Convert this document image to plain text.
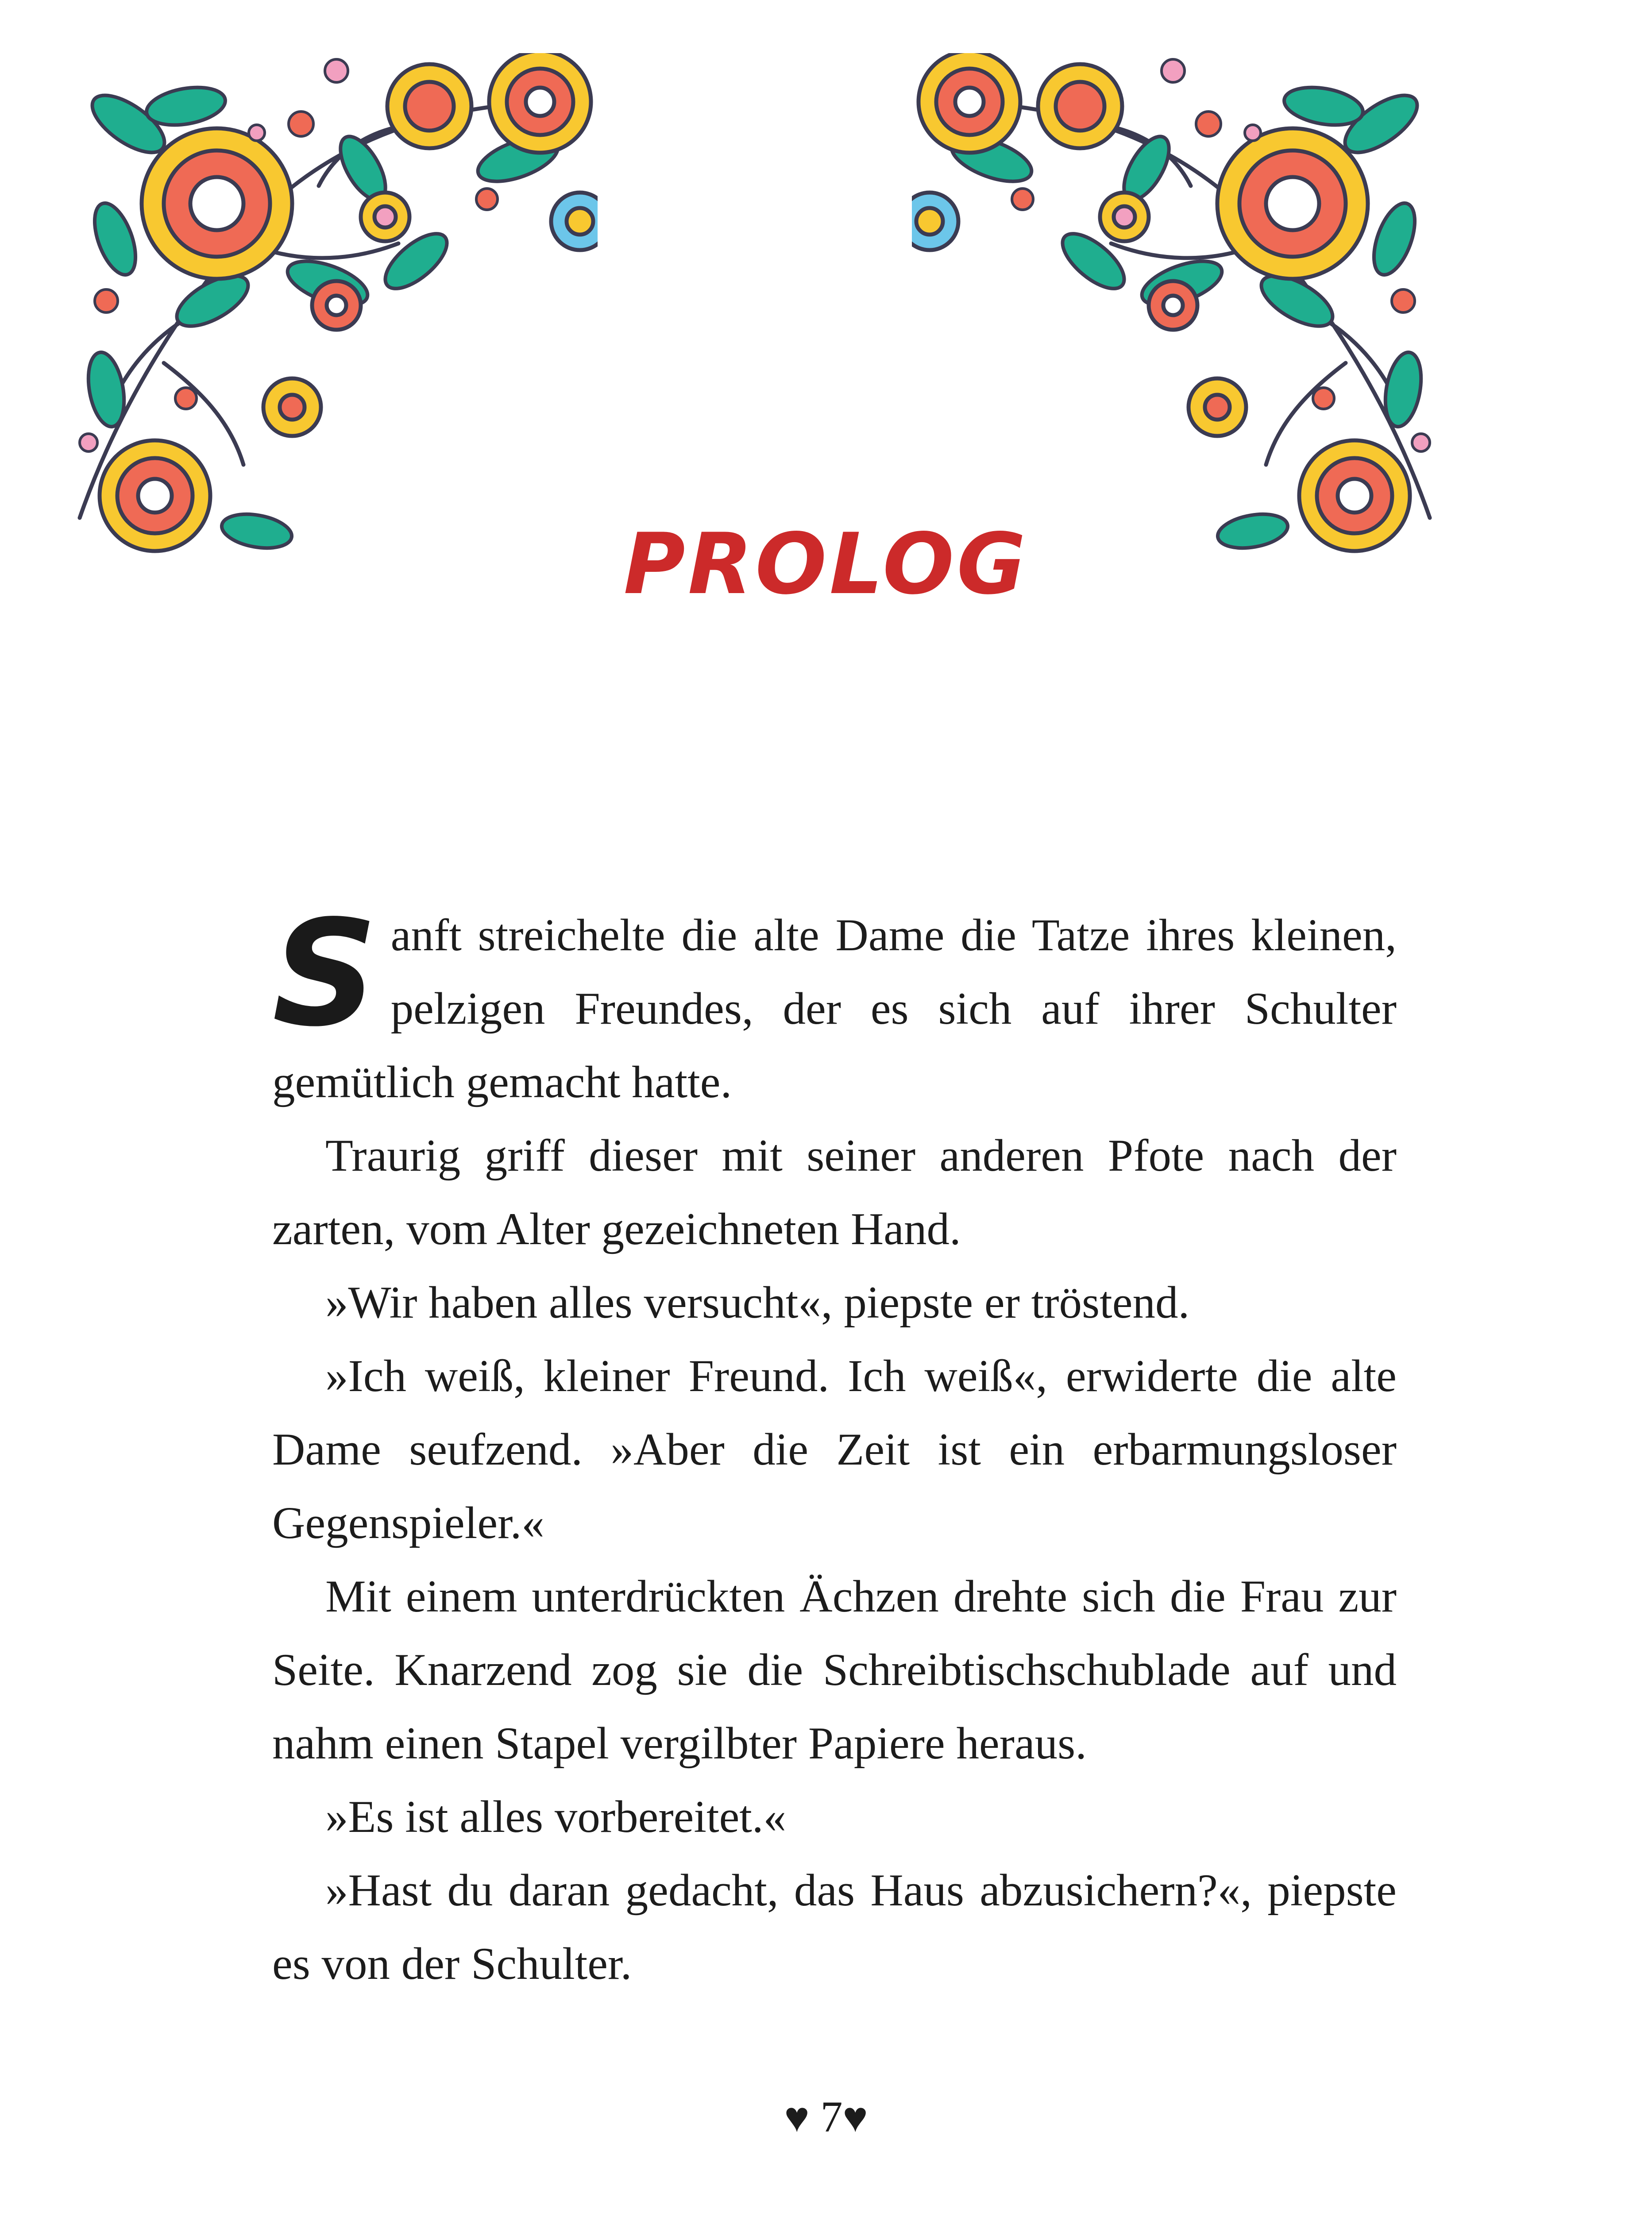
PROLOG

Sanft streichelte die alte Dame die Tatze ihres kleinen, pelzigen Freundes, der es sich auf ihrer Schulter gemütlich gemacht hatte.

Traurig griff dieser mit seiner anderen Pfote nach der zarten, vom Alter gezeichneten Hand.

»Wir haben alles versucht«, piepste er tröstend.

»Ich weiß, kleiner Freund. Ich weiß«, erwiderte die alte Dame seufzend. »Aber die Zeit ist ein erbarmungsloser Gegenspieler.«

Mit einem unterdrückten Ächzen drehte sich die Frau zur Seite. Knarzend zog sie die Schreibtischschublade auf und nahm einen Stapel vergilbter Papiere heraus.

»Es ist alles vorbereitet.«

»Hast du daran gedacht, das Haus abzusichern?«, piepste es von der Schulter.

♥ 7♥
